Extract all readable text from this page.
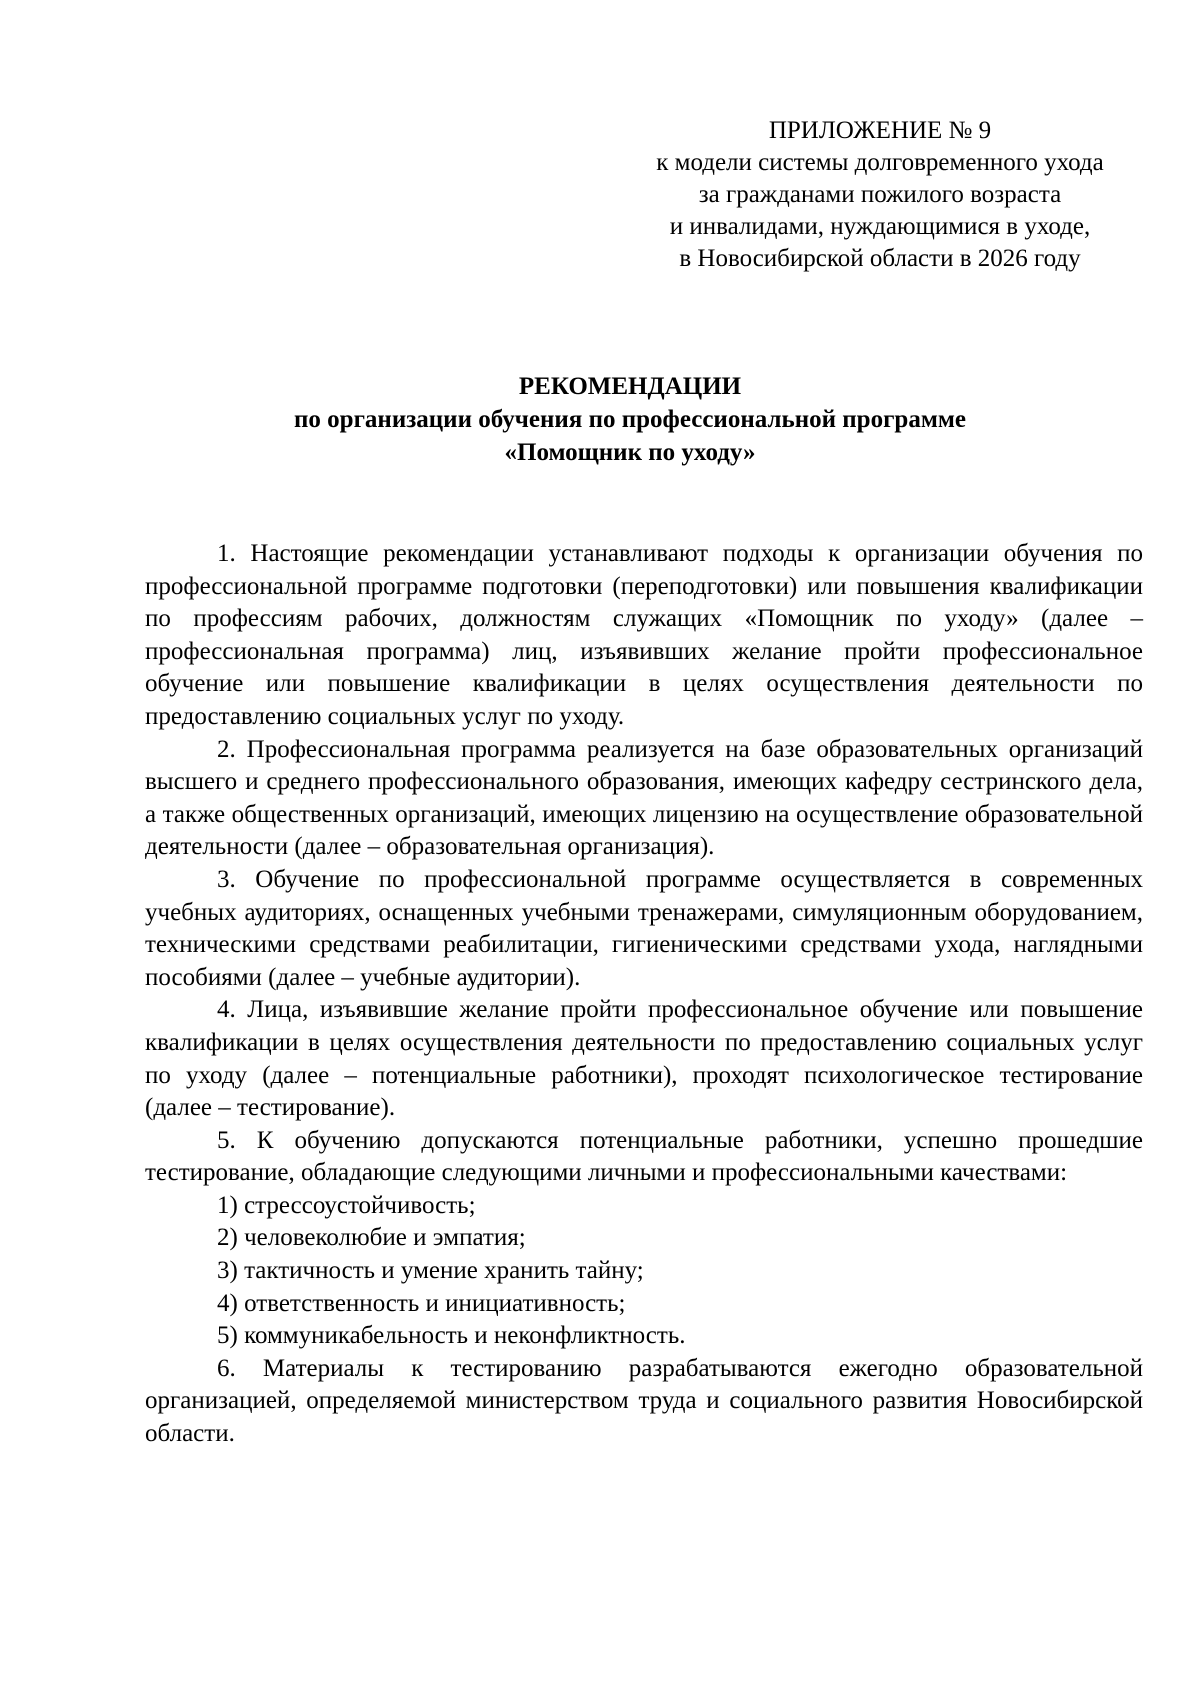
ПРИЛОЖЕНИЕ № 9
к модели системы долговременного ухода
за гражданами пожилого возраста
и инвалидами, нуждающимися в уходе,
в Новосибирской области в 2026 году
РЕКОМЕНДАЦИИ
по организации обучения по профессиональной программе
«Помощник по уходу»

1. Настоящие рекомендации устанавливают подходы к организации обучения по профессиональной программе подготовки (переподготовки) или повышения квалификации по профессиям рабочих, должностям служащих «Помощник по уходу» (далее – профессиональная программа) лиц, изъявивших желание пройти профессиональное обучение или повышение квалификации в целях осуществления деятельности по предоставлению социальных услуг по уходу.

2. Профессиональная программа реализуется на базе образовательных организаций высшего и среднего профессионального образования, имеющих кафедру сестринского дела, а также общественных организаций, имеющих лицензию на осуществление образовательной деятельности (далее – образовательная организация).

3. Обучение по профессиональной программе осуществляется в современных учебных аудиториях, оснащенных учебными тренажерами, симуляционным оборудованием, техническими средствами реабилитации, гигиеническими средствами ухода, наглядными пособиями (далее – учебные аудитории).

4. Лица, изъявившие желание пройти профессиональное обучение или повышение квалификации в целях осуществления деятельности по предоставлению социальных услуг по уходу (далее – потенциальные работники), проходят психологическое тестирование (далее – тестирование).

5. К обучению допускаются потенциальные работники, успешно прошедшие тестирование, обладающие следующими личными и профессиональными качествами:

1) стрессоустойчивость;

2) человеколюбие и эмпатия;

3) тактичность и умение хранить тайну;

4) ответственность и инициативность;

5) коммуникабельность и неконфликтность.

6. Материалы к тестированию разрабатываются ежегодно образовательной организацией, определяемой министерством труда и социального развития Новосибирской области.
